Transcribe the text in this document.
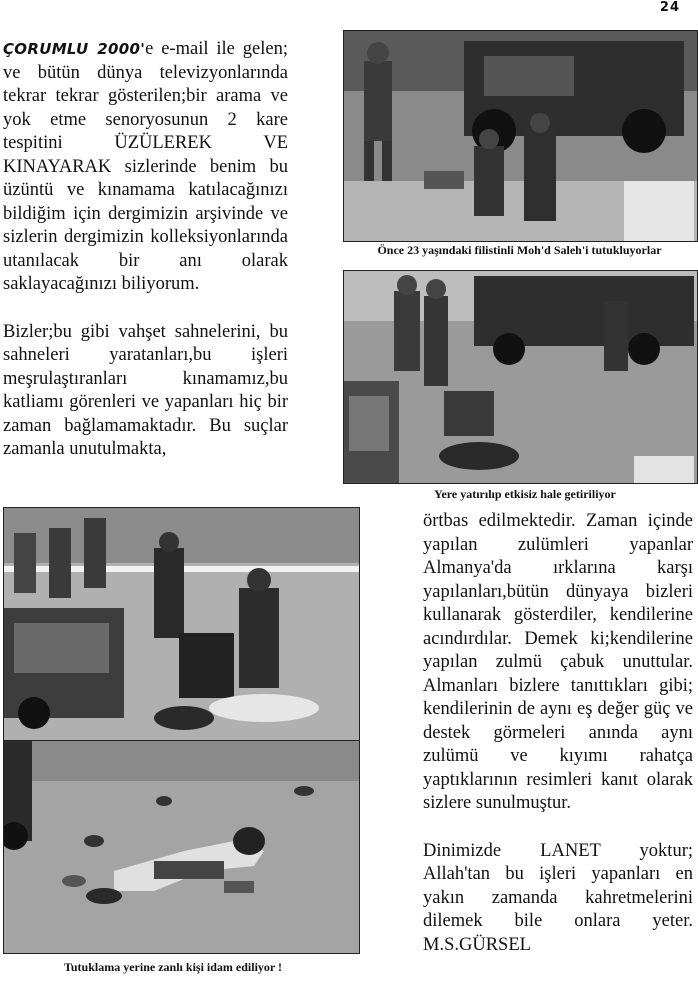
24

ÇORUMLU 2000'e e-mail ile gelen; ve bütün dünya televizyonlarında tekrar tekrar gösterilen;bir arama ve yok etme senoryosunun 2 kare tespitini ÜZÜLEREK VE KINAYARAK sizlerinde benim bu üzüntü ve kınamama katılacağınızı bildiğim için dergimizin arşivinde ve sizlerin dergimizin kolleksiyonlarında utanılacak bir anı olarak saklayacağınızı biliyorum.

Bizler;bu gibi vahşet sahnelerini, bu sahneleri yaratanları,bu işleri meşrulaştıranları kınamamız,bu katliamı görenleri ve yapanları hiç bir zaman bağlamamaktadır. Bu suçlar zamanla unutulmakta,

örtbas edilmektedir. Zaman içinde yapılan zulümleri yapanlar Almanya'da ırklarına karşı yapılanları,bütün dünyaya bizleri kullanarak gösterdiler, kendilerine acındırdılar. Demek ki;kendilerine yapılan zulmü çabuk unuttular. Almanları bizlere tanıttıkları gibi; kendilerinin de aynı eş değer güç ve destek görmeleri anında aynı zulümü ve kıyımı rahatça yaptıklarının resimleri kanıt olarak sizlere sunulmuştur.

Dinimizde LANET yoktur; Allah'tan bu işleri yapanları en yakın zamanda kahretmelerini dilemek bile onlara yeter. M.S.GÜRSEL

Önce 23 yaşındaki filistinli Moh'd Saleh'i tutukluyorlar
Yere yatırılıp etkisiz hale getiriliyor
Tutuklama yerine zanlı kişi idam ediliyor !
